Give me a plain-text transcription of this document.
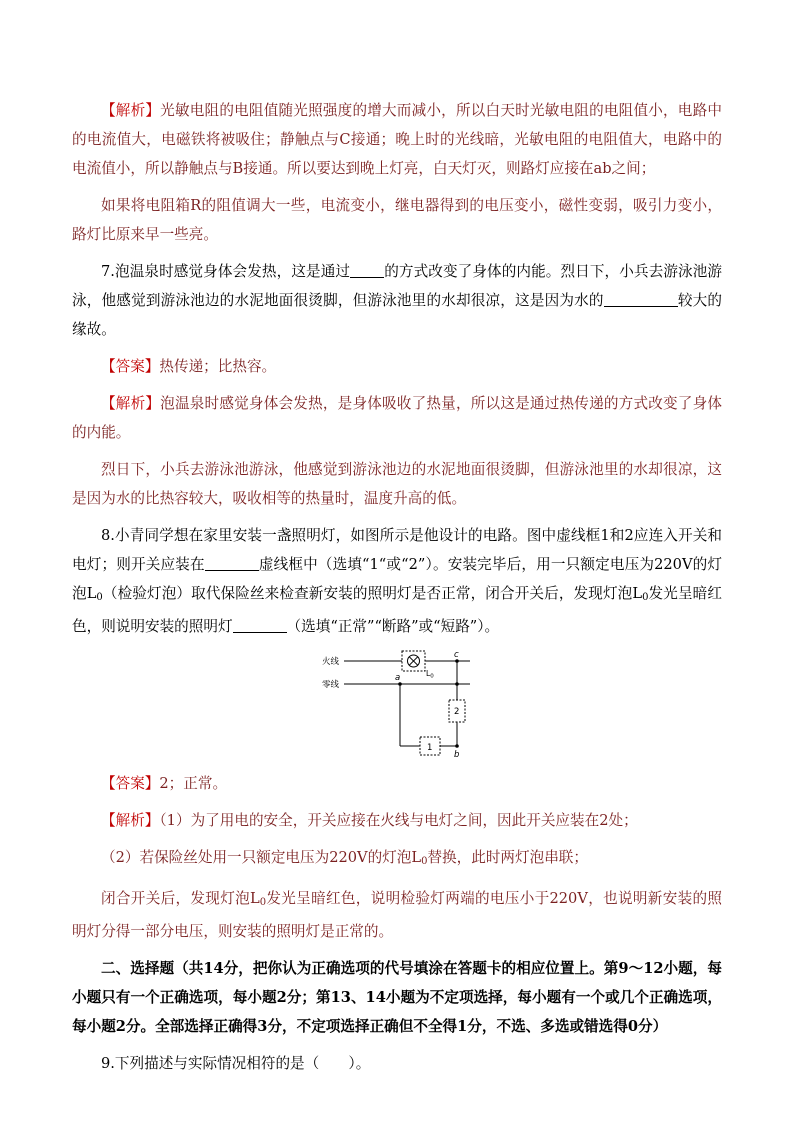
【解析】光敏电阻的电阻值随光照强度的增大而减小，所以白天时光敏电阻的电阻值小，电路中的电流值大，电磁铁将被吸住；静触点与C接通；晚上时的光线暗，光敏电阻的电阻值大，电路中的电流值小，所以静触点与B接通。所以要达到晚上灯亮，白天灯灭，则路灯应接在ab之间；

如果将电阻箱R的阻值调大一些，电流变小，继电器得到的电压变小，磁性变弱，吸引力变小，路灯比原来早一些亮。

7.泡温泉时感觉身体会发热，这是通过 的方式改变了身体的内能。烈日下，小兵去游泳池游泳，他感觉到游泳池边的水泥地面很烫脚，但游泳池里的水却很凉，这是因为水的	较大的缘故。

【答案】热传递；比热容。

【解析】泡温泉时感觉身体会发热，是身体吸收了热量，所以这是通过热传递的方式改变了身体的内能。

烈日下，小兵去游泳池游泳，他感觉到游泳池边的水泥地面很烫脚，但游泳池里的水却很凉，这是因为水的比热容较大，吸收相等的热量时，温度升高的低。

8.小青同学想在家里安装一盏照明灯，如图所示是他设计的电路。图中虚线框1和2应连入开关和电灯；则开关应装在	虚线框中（选填“1“或“2”）。安装完毕后，用一只额定电压为220V的灯泡$L_0$（检验灯泡）取代保险丝来检查新安装的照明灯是否正常，闭合开关后，发现灯泡$L_0$发光呈暗红色，则说明安装的照明灯	（选填“正常”“断路”或“短路”）。

火线
零线
$L_0$
a
b
c
2
1

【答案】2；正常。

【解析】（1）为了用电的安全，开关应接在火线与电灯之间，因此开关应装在2处；

（2）若保险丝处用一只额定电压为220V的灯泡$L_0$替换，此时两灯泡串联；

闭合开关后，发现灯泡$L_0$发光呈暗红色，说明检验灯两端的电压小于220V，也说明新安装的照明灯分得一部分电压，则安装的照明灯是正常的。

二、选择题（共14分，把你认为正确选项的代号填涂在答题卡的相应位置上。第9～12小题，每小题只有一个正确选项，每小题2分；第13、14小题为不定项选择，每小题有一个或几个正确选项，每小题2分。全部选择正确得3分，不定项选择正确但不全得1分，不选、多选或错选得0分）

9.下列描述与实际情况相符的是（　　）。
